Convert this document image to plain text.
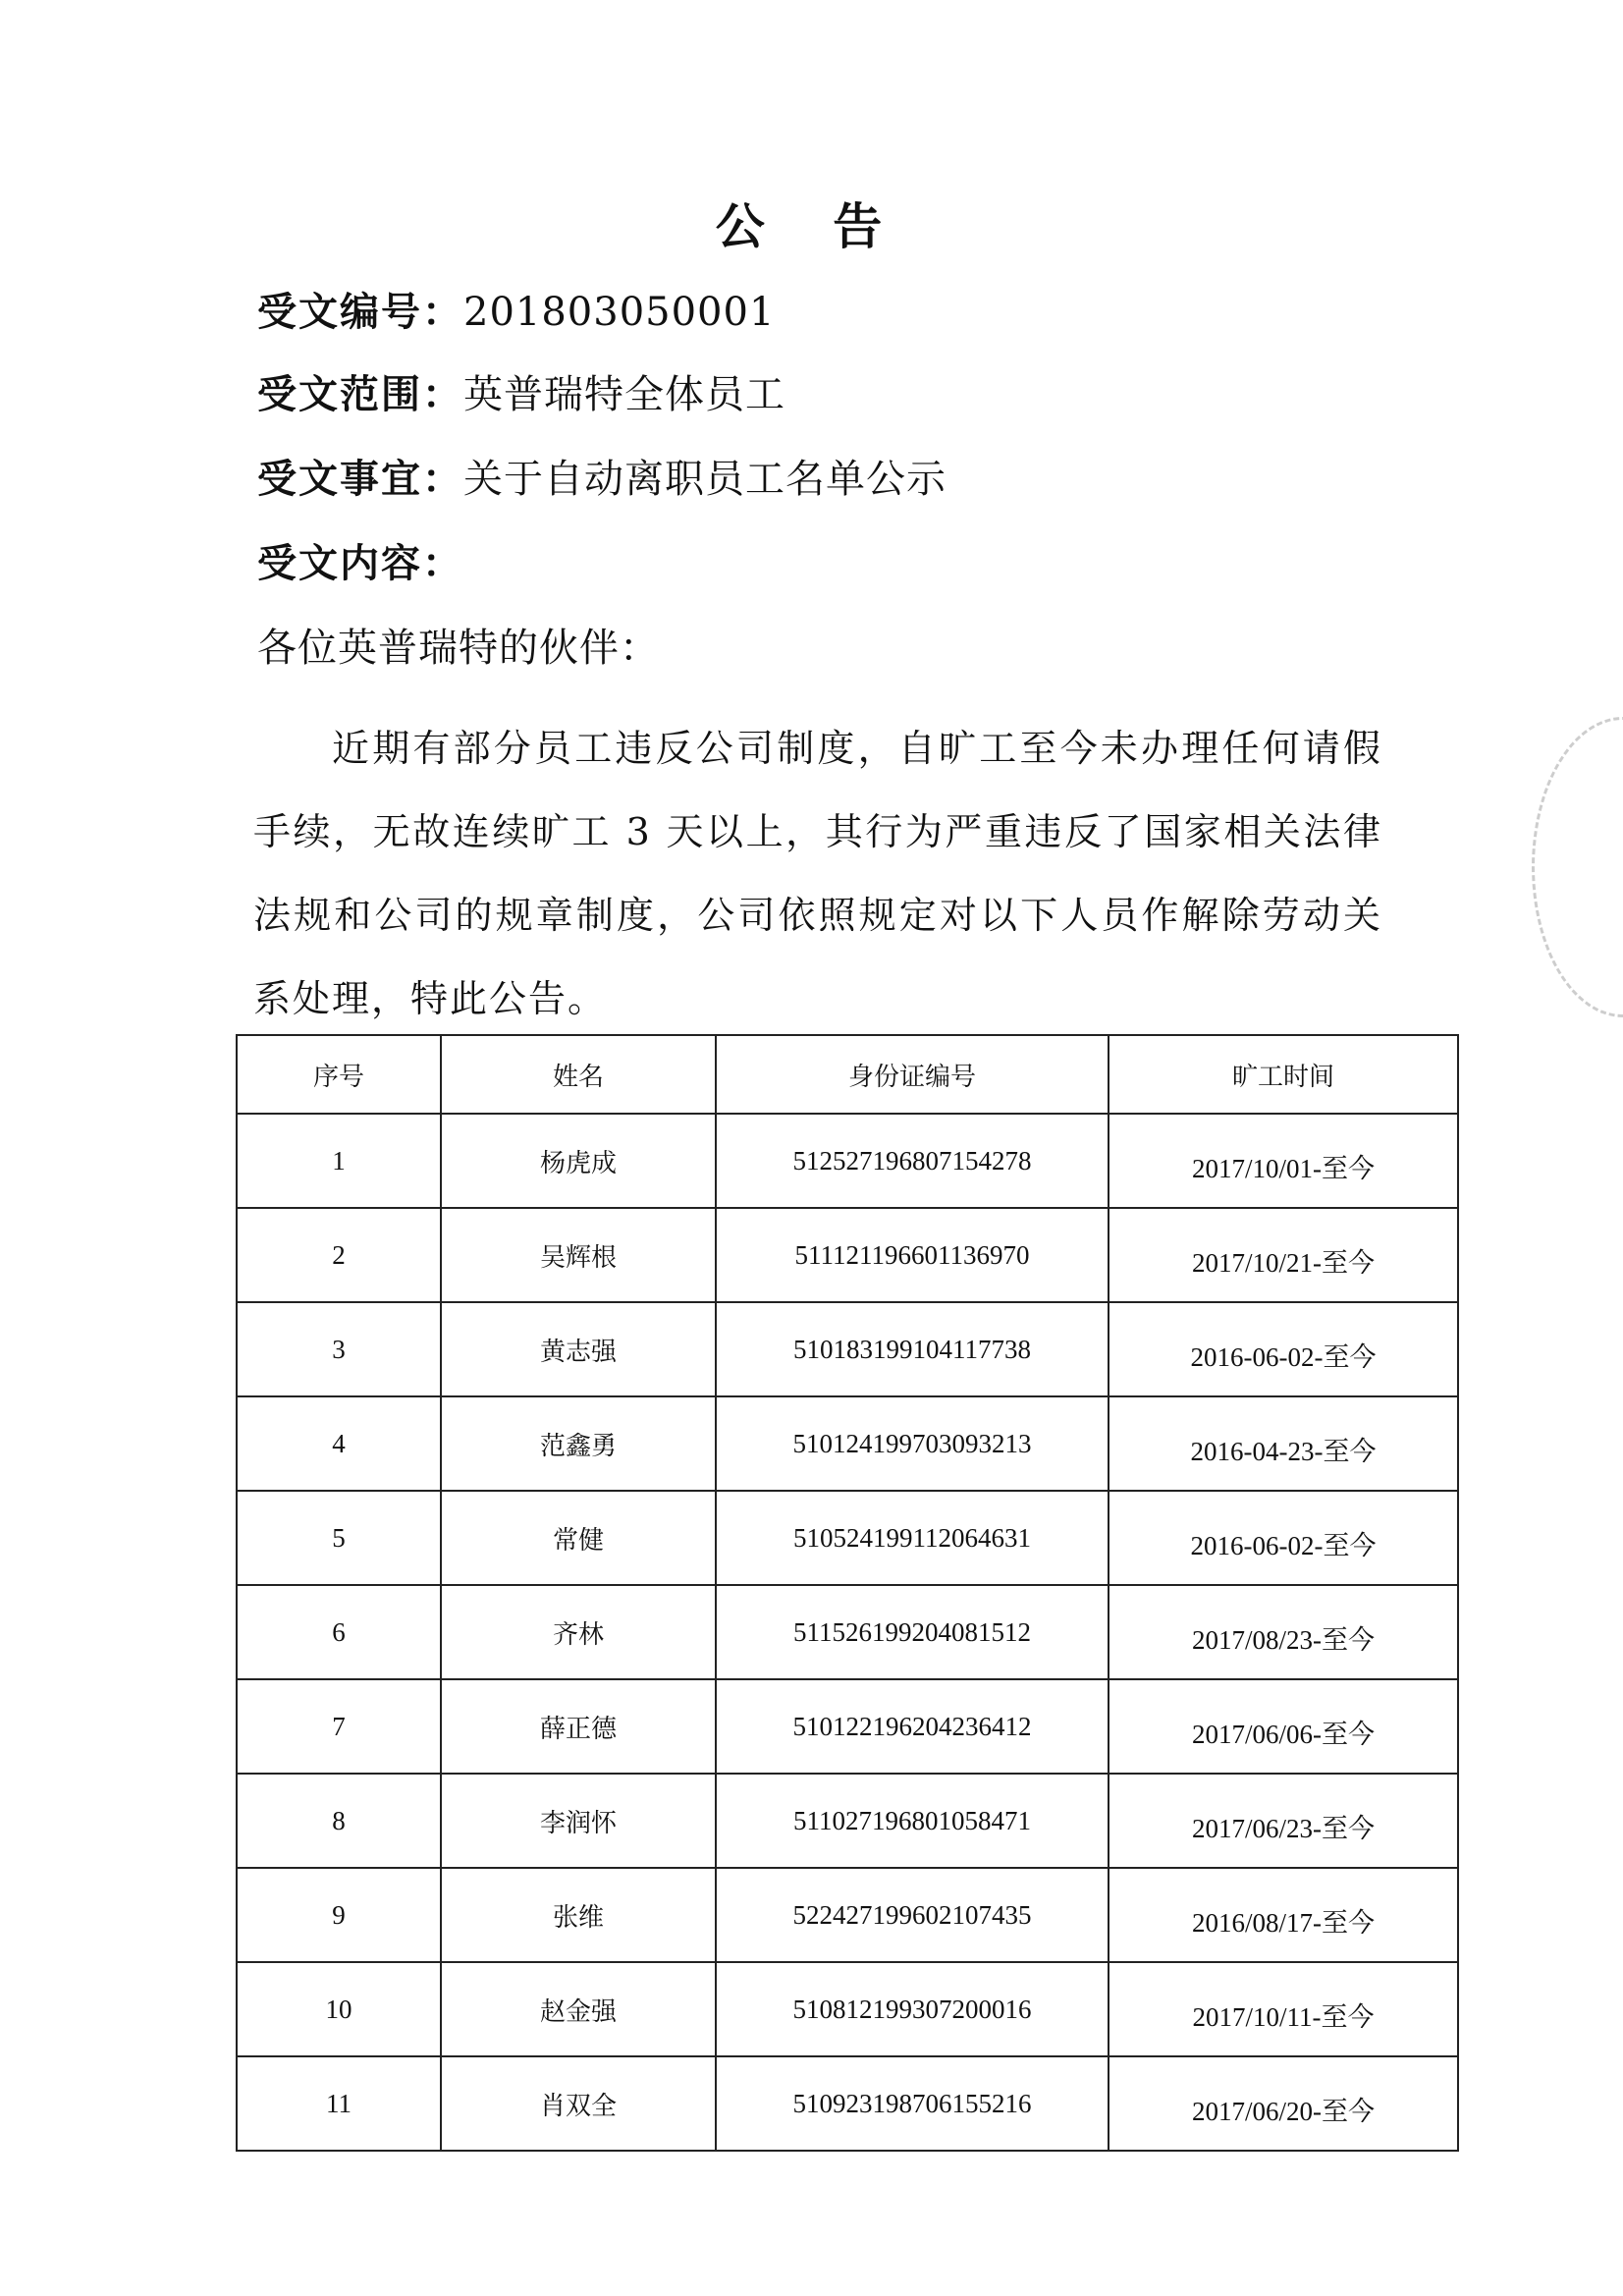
公 告
受文编号：201803050001
受文范围：英普瑞特全体员工
受文事宜：关于自动离职员工名单公示
受文内容：
各位英普瑞特的伙伴：
近期有部分员工违反公司制度，自旷工至今未办理任何请假手续，无故连续旷工 3 天以上，其行为严重违反了国家相关法律法规和公司的规章制度，公司依照规定对以下人员作解除劳动关系处理，特此公告。
序号	姓名	身份证编号	旷工时间
1	杨虎成	512527196807154278	2017/10/01-至今
2	吴辉根	511121196601136970	2017/10/21-至今
3	黄志强	510183199104117738	2016-06-02-至今
4	范鑫勇	510124199703093213	2016-04-23-至今
5	常健	510524199112064631	2016-06-02-至今
6	齐林	511526199204081512	2017/08/23-至今
7	薛正德	510122196204236412	2017/06/06-至今
8	李润怀	511027196801058471	2017/06/23-至今
9	张维	522427199602107435	2016/08/17-至今
10	赵金强	510812199307200016	2017/10/11-至今
11	肖双全	510923198706155216	2017/06/20-至今
